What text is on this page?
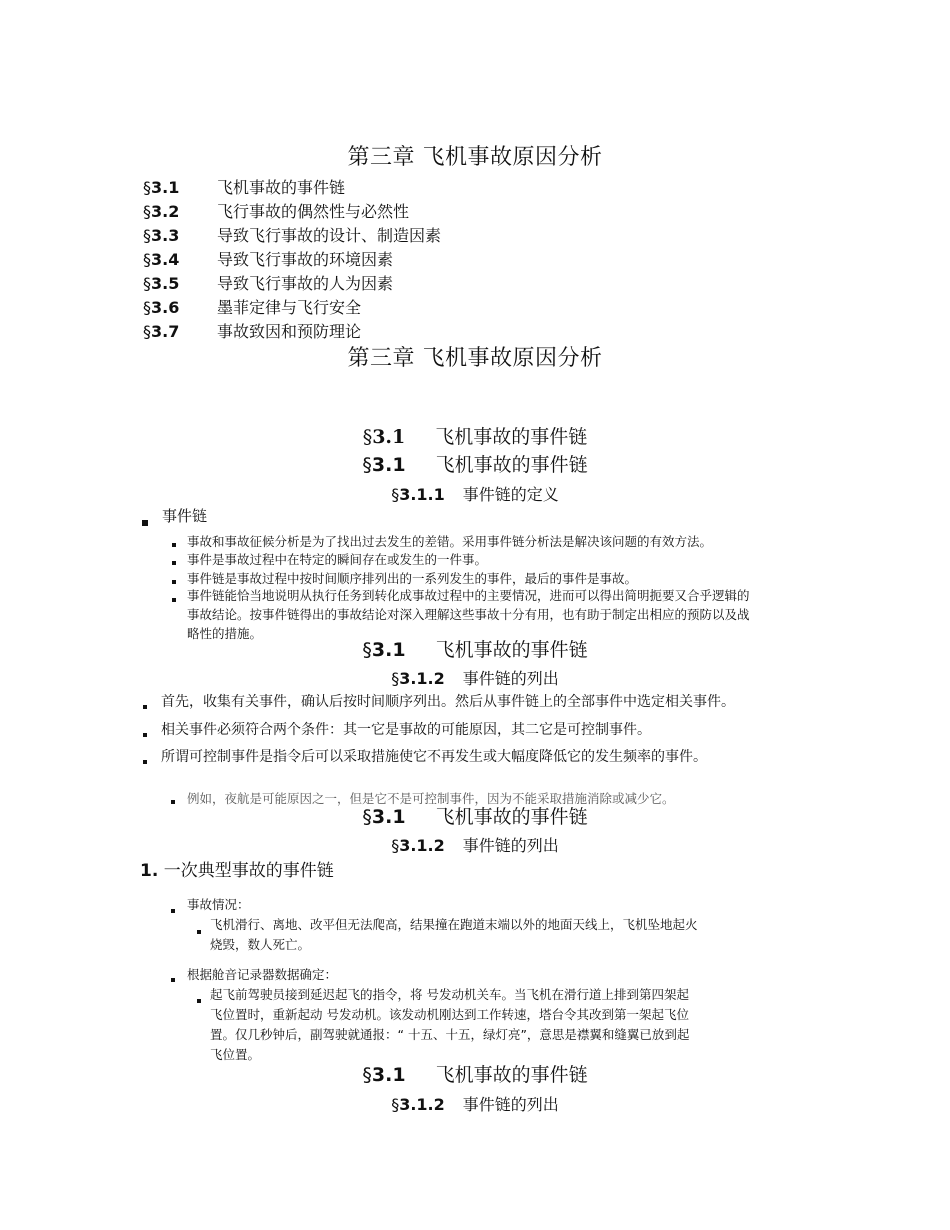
第三章 飞机事故原因分析
§3.1 飞机事故的事件链
§3.2 飞行事故的偶然性与必然性
§3.3 导致飞行事故的设计、制造因素
§3.4 导致飞行事故的环境因素
§3.5 导致飞行事故的人为因素
§3.6 墨菲定律与飞行安全
§3.7 事故致因和预防理论
第三章 飞机事故原因分析
§3.1 飞机事故的事件链
§3.1 飞机事故的事件链
§3.1.1 事件链的定义
事件链
事故和事故征候分析是为了找出过去发生的差错。采用事件链分析法是解决该问题的有效方法。
事件是事故过程中在特定的瞬间存在或发生的一件事。
事件链是事故过程中按时间顺序排列出的一系列发生的事件，最后的事件是事故。
事件链能恰当地说明从执行任务到转化成事故过程中的主要情况，进而可以得出简明扼要又合乎逻辑的
事故结论。按事件链得出的事故结论对深入理解这些事故十分有用，也有助于制定出相应的预防以及战
略性的措施。
§3.1 飞机事故的事件链
§3.1.2 事件链的列出
首先，收集有关事件，确认后按时间顺序列出。然后从事件链上的全部事件中选定相关事件。
相关事件必须符合两个条件：其一它是事故的可能原因，其二它是可控制事件。
所谓可控制事件是指令后可以采取措施使它不再发生或大幅度降低它的发生频率的事件。
例如，夜航是可能原因之一，但是它不是可控制事件，因为不能采取措施消除或减少它。
§3.1 飞机事故的事件链
§3.1.2 事件链的列出
1. 一次典型事故的事件链
事故情况：
飞机滑行、离地、改平但无法爬高，结果撞在跑道末端以外的地面天线上，飞机坠地起火
烧毁，数人死亡。
根据舱音记录器数据确定：
起飞前驾驶员接到延迟起飞的指令，将 号发动机关车。当飞机在滑行道上排到第四架起
飞位置时，重新起动 号发动机。该发动机刚达到工作转速，塔台令其改到第一架起飞位
置。仅几秒钟后，副驾驶就通报：“ 十五、十五，绿灯亮”，意思是襟翼和缝翼已放到起
飞位置。
§3.1 飞机事故的事件链
§3.1.2 事件链的列出
